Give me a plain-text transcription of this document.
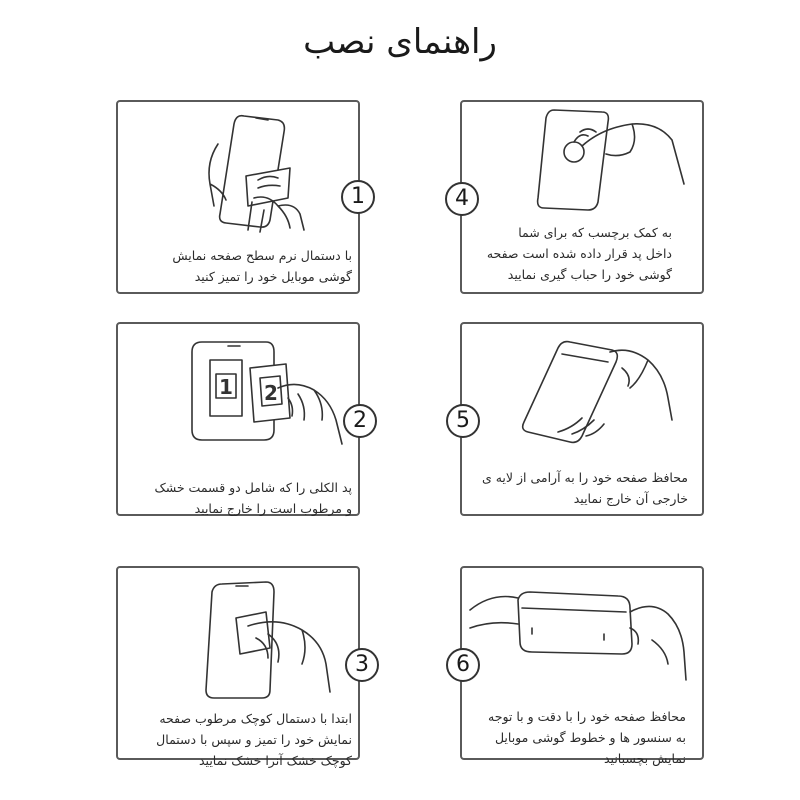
راهنمای نصب
با دستمال نرم سطح صفحه نمایش
گوشی موبایل خود را تمیز کنید
1
1 2
پد الکلی را که شامل دو قسمت خشک
و مرطوب است را خارج نمایید
2
ابتدا با دستمال کوچک مرطوب صفحه
نمایش خود را تمیز و سپس با دستمال
کوچک خشک آنرا خشک نمایید
3
به کمک برچسب که برای شما
داخل پد قرار داده شده است صفحه
گوشی خود را حباب گیری نمایید
4
محافظ صفحه خود را به آرامی از لایه ی
خارجی آن خارج نمایید
5
محافظ صفحه خود را با دقت و با توجه
به سنسور ها و خطوط گوشی موبایل
نمایش بچسبانید
6
